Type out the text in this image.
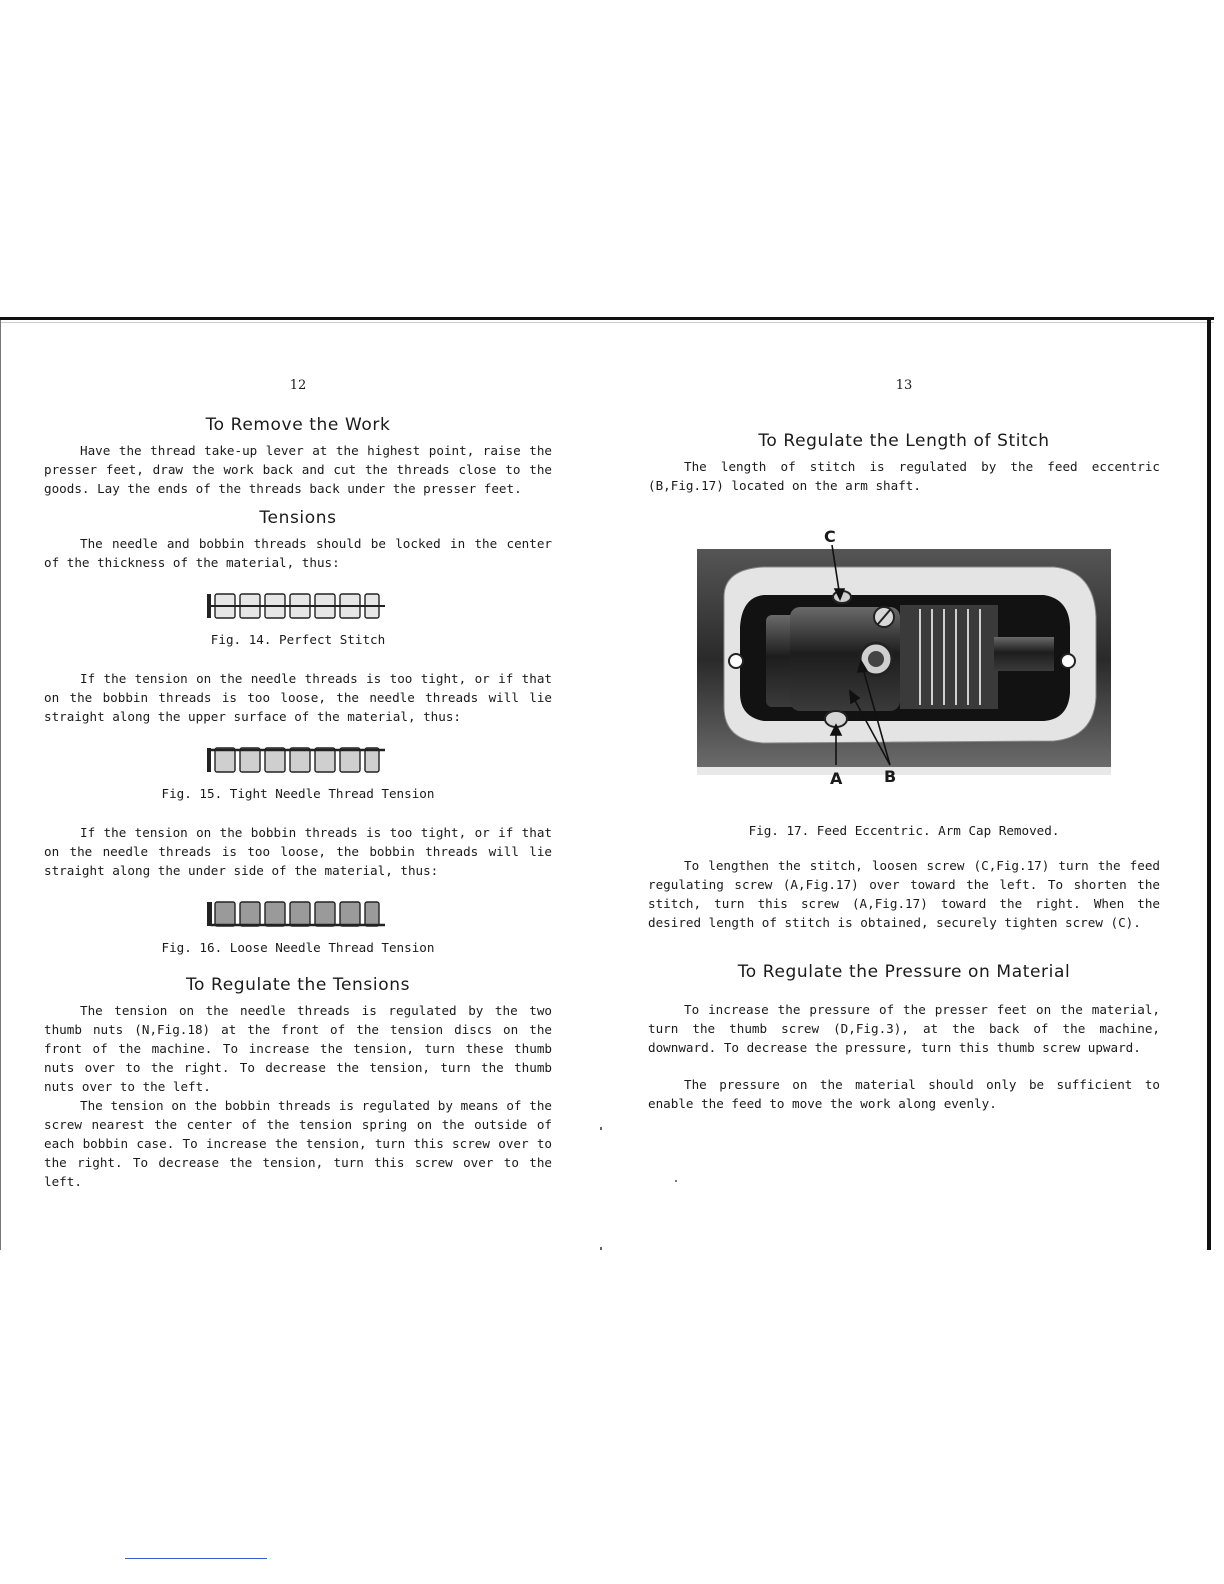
12
To Remove the Work

Have the thread take-up lever at the highest point, raise the presser feet, draw the work back and cut the threads close to the goods. Lay the ends of the threads back under the presser feet.

Tensions

The needle and bobbin threads should be locked in the center of the thickness of the material, thus:

Fig. 14. Perfect Stitch

If the tension on the needle threads is too tight, or if that on the bobbin threads is too loose, the needle threads will lie straight along the upper surface of the material, thus:

Fig. 15. Tight Needle Thread Tension

If the tension on the bobbin threads is too tight, or if that on the needle threads is too loose, the bobbin threads will lie straight along the under side of the material, thus:

Fig. 16. Loose Needle Thread Tension
To Regulate the Tensions

The tension on the needle threads is regulated by the two thumb nuts (N,Fig.18) at the front of the tension discs on the front of the machine. To increase the tension, turn these thumb nuts over to the right. To decrease the tension, turn the thumb nuts over to the left.

The tension on the bobbin threads is regulated by means of the screw nearest the center of the tension spring on the outside of each bobbin case. To increase the tension, turn this screw over to the right. To decrease the tension, turn this screw over to the left.

13
To Regulate the Length of Stitch

The length of stitch is regulated by the feed eccentric (B,Fig.17) located on the arm shaft.

C
A	B
Fig. 17. Feed Eccentric. Arm Cap Removed.

To lengthen the stitch, loosen screw (C,Fig.17) turn the feed regulating screw (A,Fig.17) over toward the left. To shorten the stitch, turn this screw (A,Fig.17) toward the right. When the desired length of stitch is obtained, securely tighten screw (C).

To Regulate the Pressure on Material

To increase the pressure of the presser feet on the material, turn the thumb screw (D,Fig.3), at the back of the machine, downward. To decrease the pressure, turn this thumb screw upward.

The pressure on the material should only be sufficient to enable the feed to move the work along evenly.
